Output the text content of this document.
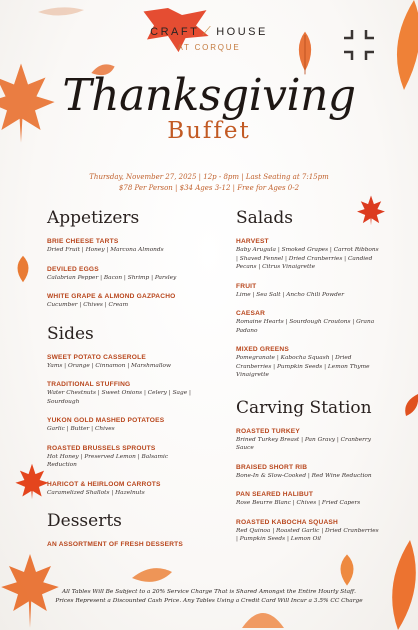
CRAFT ⟋ HOUSE
AT CORQUE
Thanksgiving
Buffet
Thursday, November 27, 2025 | 12p - 8pm | Last Seating at 7:15pm
$78 Per Person | $34 Ages 3-12 | Free for Ages 0-2
Appetizers
BRIE CHEESE TARTS
Dried Fruit | Honey | Marcona Almonds
DEVILED EGGS
Calabrian Pepper | Bacon | Shrimp | Parsley
WHITE GRAPE & ALMOND GAZPACHO
Cucumber | Chives | Cream
Sides
SWEET POTATO CASSEROLE
Yams | Orange | Cinnamon | Marshmallow
TRADITIONAL STUFFING
Water Chestnuts | Sweet Onions | Celery | Sage | Sourdough
YUKON GOLD MASHED POTATOES
Garlic | Butter | Chives
ROASTED BRUSSELS SPROUTS
Hot Honey | Preserved Lemon | Balsamic Reduction
HARICOT & HEIRLOOM CARROTS
Caramelized Shallots | Hazelnuts
Desserts
AN ASSORTMENT OF FRESH DESSERTS
Salads
HARVEST
Baby Arugula | Smoked Grapes | Carrot Ribbons | Shaved Fennel | Dried Cranberries | Candied Pecans | Citrus Vinaigrette
FRUIT
Lime | Sea Salt | Ancho Chili Powder
CAESAR
Romaine Hearts | Sourdough Croutons | Grana Padano
MIXED GREENS
Pomegranate | Kabocha Squash | Dried Cranberries | Pumpkin Seeds | Lemon Thyme Vinaigrette
Carving Station
ROASTED TURKEY
Brined Turkey Breast | Pan Gravy | Cranberry Sauce
BRAISED SHORT RIB
Bone-In & Slow-Cooked | Red Wine Reduction
PAN SEARED HALIBUT
Rose Beurre Blanc | Chives | Fried Capers
ROASTED KABOCHA SQUASH
Red Quinoa | Roasted Garlic | Dried Cranberries | Pumpkin Seeds | Lemon Oil
All Tables Will Be Subject to a 20% Service Charge That is Shared Amongst the Entire Hourly Staff.
Prices Represent a Discounted Cash Price. Any Tables Using a Credit Card Will Incur a 3.5% CC Charge
